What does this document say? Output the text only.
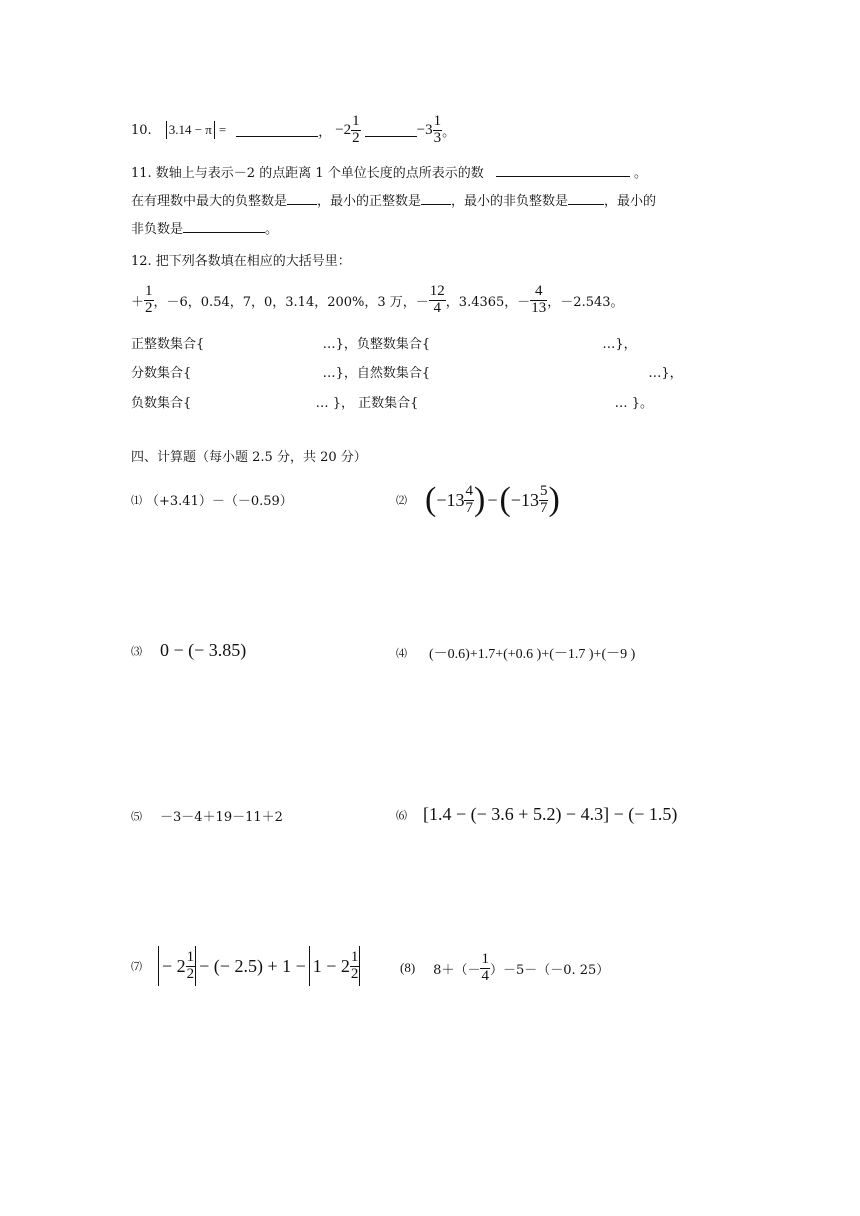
10. 3.14 − π =	， $-2 \frac{1}{2}$	$-3 \frac{1}{3}$ 。
11. 数轴上与表示－2 的点距离 1 个单位长度的点所表示的数	。
在有理数中最大的负整数是 ，最小的正整数是 ，最小的非负整数是	，最小的
非负数是	。
12. 把下列各数填在相应的大括号里：
＋ $\frac{1}{2}$ ，－6，0.54，7，0，3.14，200%，3 万，－ $\frac{12}{4}$ ，3.4365，－ $\frac{4}{13}$ ，－2.543。
正整数集合{	…}，负整数集合{	…}，
分数集合{	…}，自然数集合{	…}，
负数集合{	… }， 正数集合{	… }。
四、计算题（每小题 2.5 分，共 20 分）
⑴ （+3.41）－（－0.59）	⑵ ( $-13 \frac{4}{7}$ ) − ( $-13 \frac{5}{7}$ )
⑶ 0 − (− 3.85)	⑷ (－0.6)+1.7+(+0.6 )+(－1.7 )+(－9 )
⑸ －3－4＋19－11＋2	⑹ [1.4 − (− 3.6 + 5.2) − 4.3] − (− 1.5)
⑺ − $2 \frac{1}{2}$ − (− $2.5) + 1 - 1 - 2 \frac{1}{2}$	(8) $8+(- \frac{1}{4} )-5-(-0$. 25）
